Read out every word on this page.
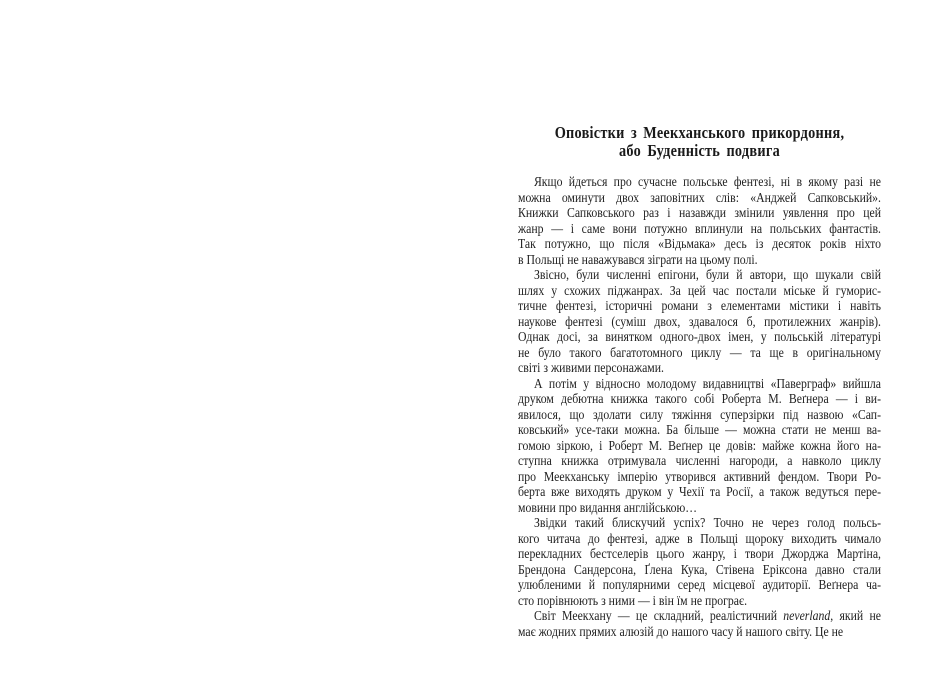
Оповістки з Меекханського прикордоння,
або Буденність подвига
Якщо йдеться про сучасне польське фентезі, ні в якому разі не
можна оминути двох заповітних слів: «Анджей Сапковський».
Книжки Сапковського раз і назавжди змінили уявлення про цей
жанр — і саме вони потужно вплинули на польських фантастів.
Так потужно, що після «Відьмака» десь із десяток років ніхто
в Польщі не наважувався зіграти на цьому полі.
Звісно, були численні епігони, були й автори, що шукали свій
шлях у схожих піджанрах. За цей час постали міське й гуморис-
тичне фентезі, історичні романи з елементами містики і навіть
наукове фентезі (суміш двох, здавалося б, протилежних жанрів).
Однак досі, за винятком одного-двох імен, у польській літературі
не було такого багатотомного циклу — та ще в оригінальному
світі з живими персонажами.
А потім у відносно молодому видавництві «Паверграф» вийшла
друком дебютна книжка такого собі Роберта М. Веґнера — і ви-
явилося, що здолати силу тяжіння суперзірки під назвою «Сап-
ковський» усе-таки можна. Ба більше — можна стати не менш ва-
гомою зіркою, і Роберт М. Веґнер це довів: майже кожна його на-
ступна книжка отримувала численні нагороди, а навколо циклу
про Меекханську імперію утворився активний фендом. Твори Ро-
берта вже виходять друком у Чехії та Росії, а також ведуться пере-
мовини про видання англійською…
Звідки такий блискучий успіх? Точно не через голод польсь-
кого читача до фентезі, адже в Польщі щороку виходить чимало
перекладних бестселерів цього жанру, і твори Джорджа Мартіна,
Брендона Сандерсона, Ґлена Кука, Стівена Еріксона давно стали
улюбленими й популярними серед місцевої аудиторії. Веґнера ча-
сто порівнюють з ними — і він їм не програє.
Світ Меекхану — це складний, реалістичний neverland, який не
має жодних прямих алюзій до нашого часу й нашого світу. Це не
